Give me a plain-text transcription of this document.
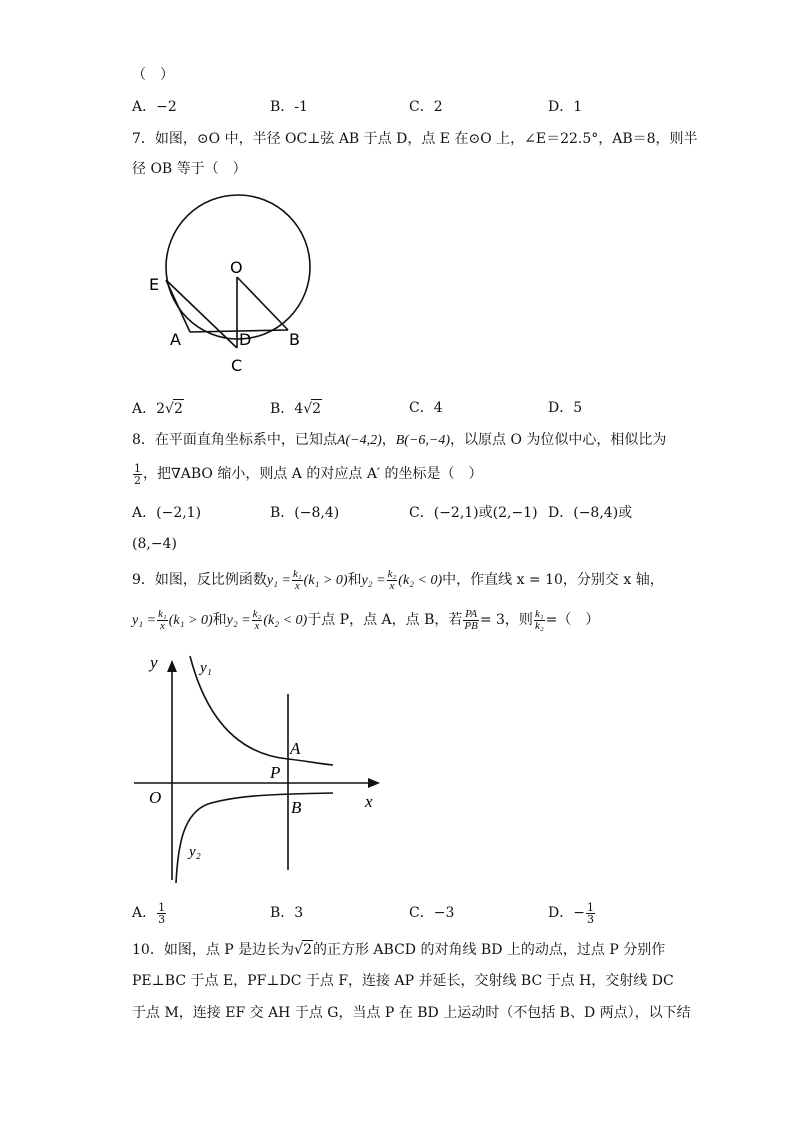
（　）
A．−2	B．-1	C．2	D．1
7．如图，⊙O 中，半径 OC⊥弦 AB 于点 D，点 E 在⊙O 上，∠E＝22.5°，AB＝8，则半
径 OB 等于（　）
O
E
A	D B
C
A．2√2	B．4√2	C．4	D．5
8．在平面直角坐标系中，已知点A(−4,2)，B(−6,−4)，以原点 O 为位似中心，相似比为
$\frac{1}{2}$ ，把∇ABO 缩小，则点 A 的对应点 A′ 的坐标是（　）
A．(−2,1)	B．(−8,4)	C．(−2,1)或(2,−1) D．(−8,4)或
(8,−4)
9．如图，反比例函数$y_1 = \frac{\text{k₁}}{x} (k_1 > 0)$和$y_2 = \frac{\text{k₂}}{x} (k_2 < 0)$中，作直线 x = 10，分别交 x 轴，
$y_1 = \frac{\text{k₁}}{x} (k_1 > 0)$和$y_2 = \frac{\text{k₂}}{x} (k_2 < 0)$于点 P，点 A，点 B，若 $\frac{PA}{PB} = 3$，则 $\frac{\text{k₁}}{\text{k₂}}$ =（　）
y	y₁
y₂
x
O
P
A
B
A． $\frac{1}{3}$	B．3	C．−3	D．− $\frac{1}{3}$
10．如图，点 P 是边长为√2的正方形 ABCD 的对角线 BD 上的动点，过点 P 分别作
PE⊥BC 于点 E，PF⊥DC 于点 F，连接 AP 并延长，交射线 BC 于点 H，交射线 DC
于点 M，连接 EF 交 AH 于点 G，当点 P 在 BD 上运动时（不包括 B、D 两点），以下结
